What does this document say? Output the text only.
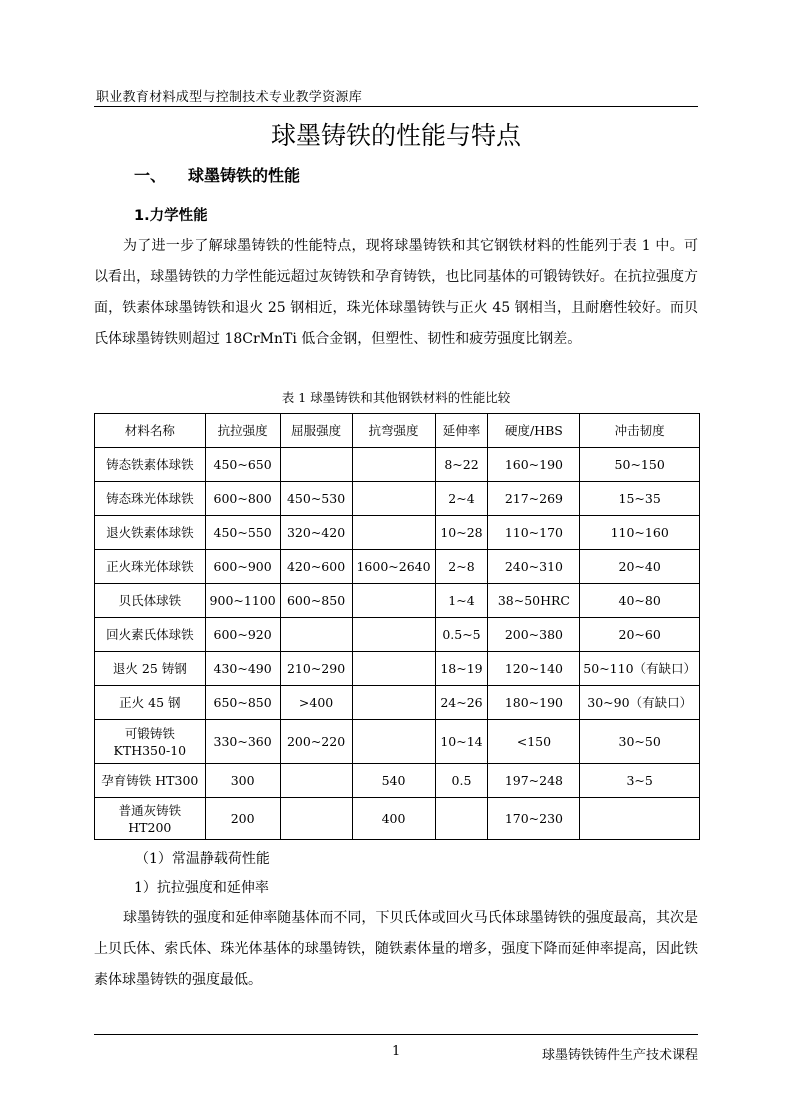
职业教育材料成型与控制技术专业教学资源库
球墨铸铁的性能与特点
一、 球墨铸铁的性能
1.力学性能

为了进一步了解球墨铸铁的性能特点，现将球墨铸铁和其它钢铁材料的性能列于表 1 中。可以看出，球墨铸铁的力学性能远超过灰铸铁和孕育铸铁，也比同基体的可锻铸铁好。在抗拉强度方面，铁素体球墨铸铁和退火 25 钢相近，珠光体球墨铸铁与正火 45 钢相当，且耐磨性较好。而贝氏体球墨铸铁则超过 18CrMnTi 低合金钢，但塑性、韧性和疲劳强度比钢差。

表 1 球墨铸铁和其他钢铁材料的性能比较
材料名称	抗拉强度	屈服强度	抗弯强度	延伸率	硬度/HBS	冲击韧度
铸态铁素体球铁	450~650			8~22	160~190	50~150
铸态珠光体球铁	600~800	450~530		2~4	217~269	15~35
退火铁素体球铁	450~550	320~420		10~28	110~170	110~160
正火珠光体球铁	600~900	420~600	1600~2640	2~8	240~310	20~40
贝氏体球铁	900~1100	600~850		1~4	38~50HRC	40~80
回火素氏体球铁	600~920			0.5~5	200~380	20~60
退火 25 铸钢	430~490	210~290		18~19	120~140	50~110（有缺口）
正火 45 钢	650~850	>400		24~26	180~190	30~90（有缺口）
可锻铸铁
KTH350-10	330~360	200~220		10~14	<150	30~50
孕育铸铁 HT300	300		540	0.5	197~248	3~5
普通灰铸铁
HT200	200		400		170~230	
（1）常温静载荷性能
1）抗拉强度和延伸率

球墨铸铁的强度和延伸率随基体而不同，下贝氏体或回火马氏体球墨铸铁的强度最高，其次是上贝氏体、索氏体、珠光体基体的球墨铸铁，随铁素体量的增多，强度下降而延伸率提高，因此铁素体球墨铸铁的强度最低。

1	球墨铸铁铸件生产技术课程
